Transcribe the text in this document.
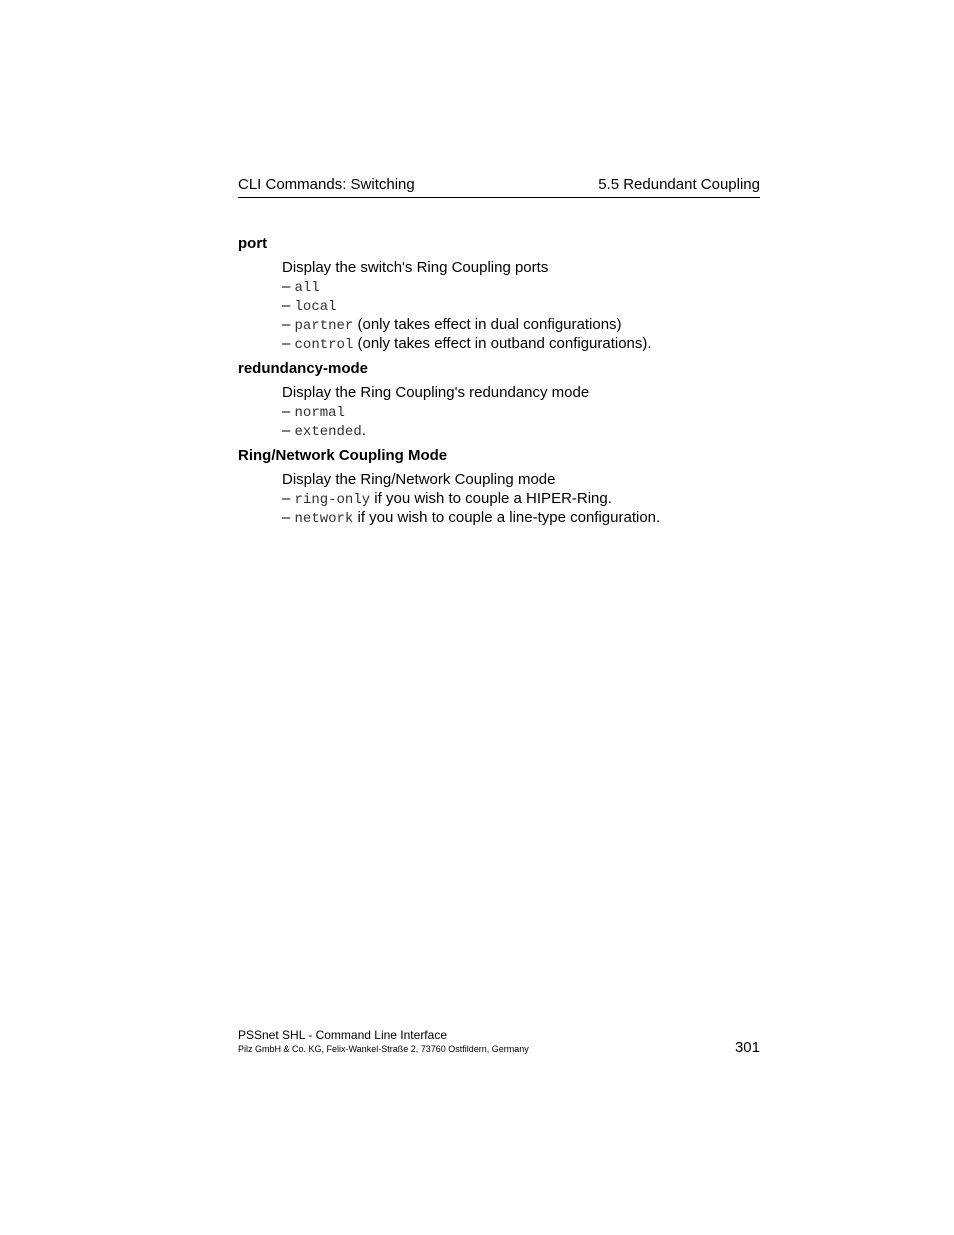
CLI Commands: Switching	5.5 Redundant Coupling
port
Display the switch's Ring Coupling ports
– all
– local
– partner (only takes effect in dual configurations)
– control (only takes effect in outband configurations).
redundancy-mode
Display the Ring Coupling's redundancy mode
– normal
– extended.
Ring/Network Coupling Mode
Display the Ring/Network Coupling mode
– ring-only if you wish to couple a HIPER-Ring.
– network if you wish to couple a line-type configuration.
PSSnet SHL - Command Line Interface
Pilz GmbH & Co. KG, Felix-Wankel-Straße 2, 73760 Ostfildern, Germany	301
